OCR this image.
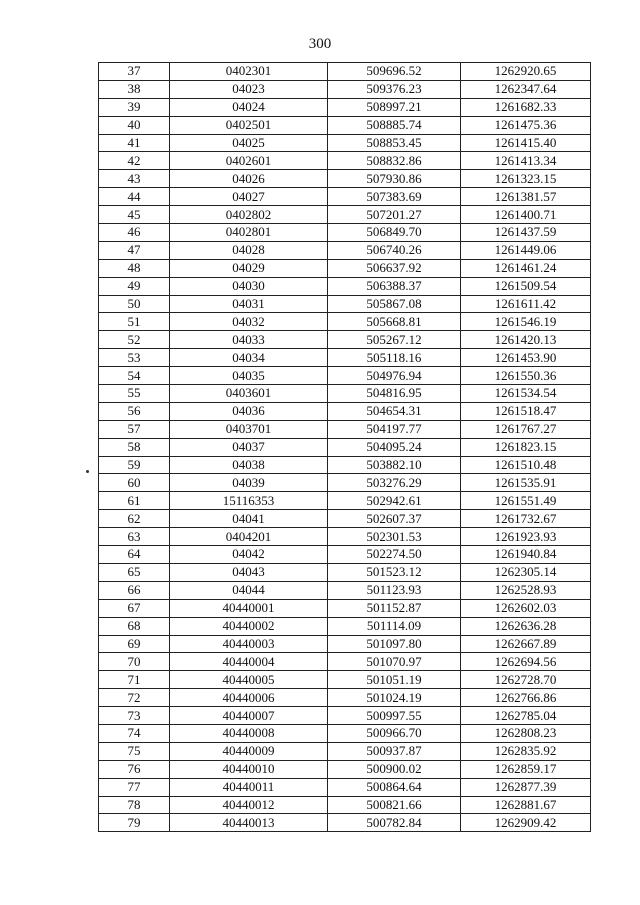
300
37	0402301	509696.52	1262920.65
38	04023	509376.23	1262347.64
39	04024	508997.21	1261682.33
40	0402501	508885.74	1261475.36
41	04025	508853.45	1261415.40
42	0402601	508832.86	1261413.34
43	04026	507930.86	1261323.15
44	04027	507383.69	1261381.57
45	0402802	507201.27	1261400.71
46	0402801	506849.70	1261437.59
47	04028	506740.26	1261449.06
48	04029	506637.92	1261461.24
49	04030	506388.37	1261509.54
50	04031	505867.08	1261611.42
51	04032	505668.81	1261546.19
52	04033	505267.12	1261420.13
53	04034	505118.16	1261453.90
54	04035	504976.94	1261550.36
55	0403601	504816.95	1261534.54
56	04036	504654.31	1261518.47
57	0403701	504197.77	1261767.27
58	04037	504095.24	1261823.15
59	04038	503882.10	1261510.48
60	04039	503276.29	1261535.91
61	15116353	502942.61	1261551.49
62	04041	502607.37	1261732.67
63	0404201	502301.53	1261923.93
64	04042	502274.50	1261940.84
65	04043	501523.12	1262305.14
66	04044	501123.93	1262528.93
67	40440001	501152.87	1262602.03
68	40440002	501114.09	1262636.28
69	40440003	501097.80	1262667.89
70	40440004	501070.97	1262694.56
71	40440005	501051.19	1262728.70
72	40440006	501024.19	1262766.86
73	40440007	500997.55	1262785.04
74	40440008	500966.70	1262808.23
75	40440009	500937.87	1262835.92
76	40440010	500900.02	1262859.17
77	40440011	500864.64	1262877.39
78	40440012	500821.66	1262881.67
79	40440013	500782.84	1262909.42
